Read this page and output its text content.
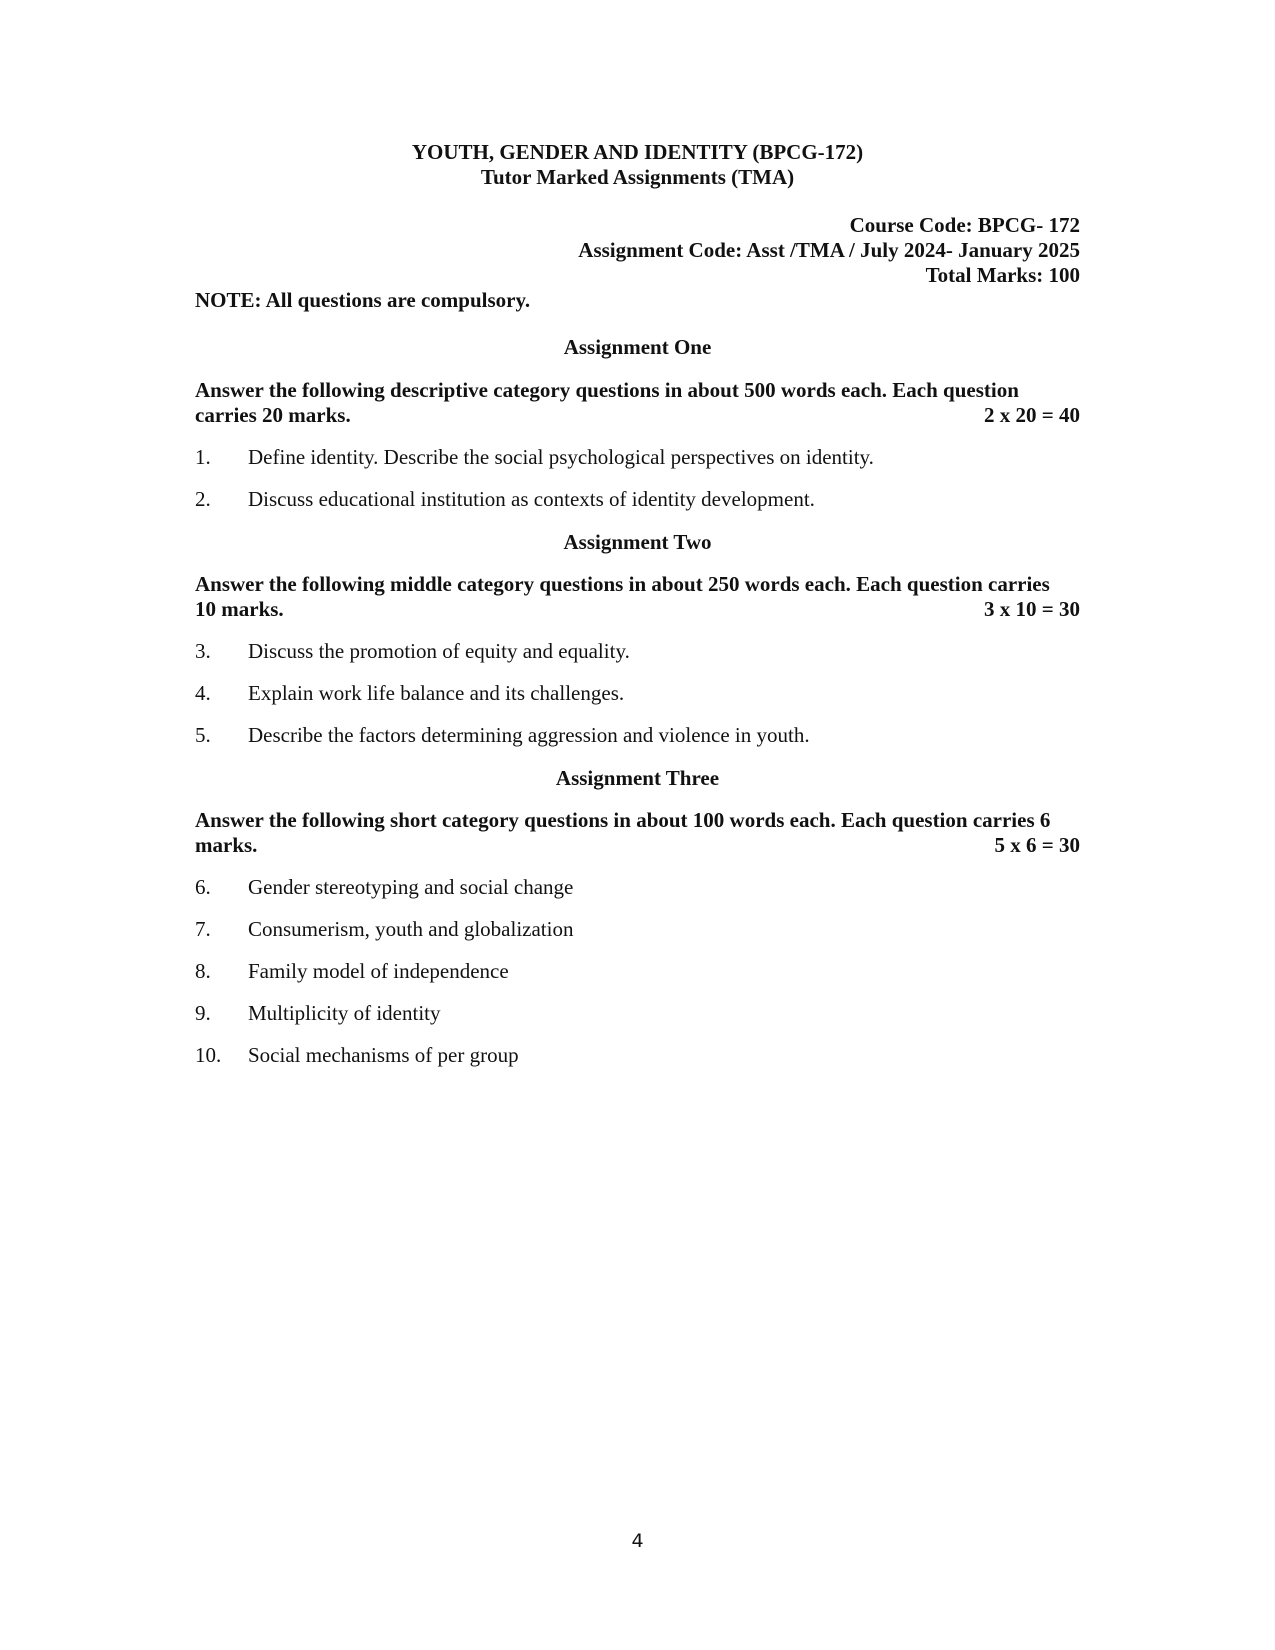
YOUTH, GENDER AND IDENTITY (BPCG-172)
Tutor Marked Assignments (TMA)
Course Code: BPCG- 172
Assignment Code: Asst /TMA / July 2024- January 2025
Total Marks: 100
NOTE: All questions are compulsory.
Assignment One
Answer the following descriptive category questions in about 500 words each. Each question
carries 20 marks.	2 x 20 = 40
1.	Define identity. Describe the social psychological perspectives on identity.
2.	Discuss educational institution as contexts of identity development.
Assignment Two
Answer the following middle category questions in about 250 words each. Each question carries
10 marks.	3 x 10 = 30
3.	Discuss the promotion of equity and equality.
4.	Explain work life balance and its challenges.
5.	Describe the factors determining aggression and violence in youth.
Assignment Three
Answer the following short category questions in about 100 words each. Each question carries 6
marks.	5 x 6 = 30
6.	Gender stereotyping and social change
7.	Consumerism, youth and globalization
8.	Family model of independence
9.	Multiplicity of identity
10.	Social mechanisms of per group
4
